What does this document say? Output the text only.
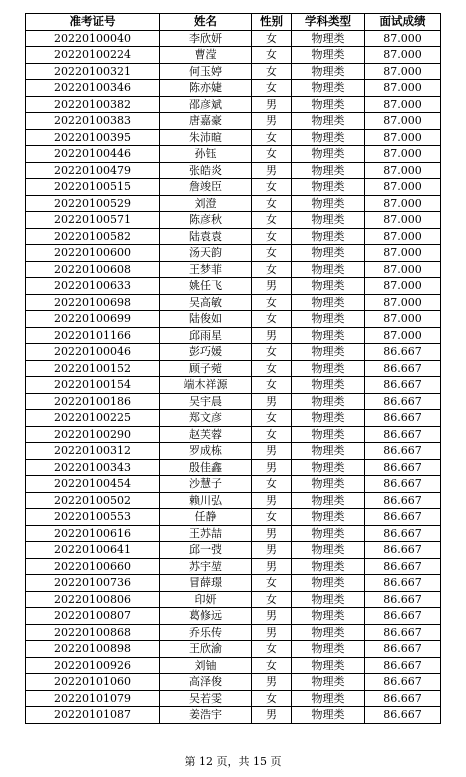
准考证号	姓名	性别	学科类型	面试成绩
20220100040	李欣妍	女	物理类	87.000
20220100224	曹滢	女	物理类	87.000
20220100321	何玉婷	女	物理类	87.000
20220100346	陈亦婕	女	物理类	87.000
20220100382	邵彦斌	男	物理类	87.000
20220100383	唐嘉豪	男	物理类	87.000
20220100395	朱沛暄	女	物理类	87.000
20220100446	孙钰	女	物理类	87.000
20220100479	张皓炎	男	物理类	87.000
20220100515	詹竣臣	女	物理类	87.000
20220100529	刘澄	女	物理类	87.000
20220100571	陈彦秋	女	物理类	87.000
20220100582	陆袁袁	女	物理类	87.000
20220100600	汤天韵	女	物理类	87.000
20220100608	王梦菲	女	物理类	87.000
20220100633	姚任飞	男	物理类	87.000
20220100698	吴高敏	女	物理类	87.000
20220100699	陆俊如	女	物理类	87.000
20220101166	邱雨星	男	物理类	87.000
20220100046	彭巧媛	女	物理类	86.667
20220100152	顾子菀	女	物理类	86.667
20220100154	端木祥源	女	物理类	86.667
20220100186	吴宇晨	男	物理类	86.667
20220100225	郑文彦	女	物理类	86.667
20220100290	赵芙蓉	女	物理类	86.667
20220100312	罗成栋	男	物理类	86.667
20220100343	殷佳鑫	男	物理类	86.667
20220100454	沙慧子	女	物理类	86.667
20220100502	赖川弘	男	物理类	86.667
20220100553	任静	女	物理类	86.667
20220100616	王苏喆	男	物理类	86.667
20220100641	邱一弢	男	物理类	86.667
20220100660	苏宇堃	男	物理类	86.667
20220100736	冒薛璟	女	物理类	86.667
20220100806	印妍	女	物理类	86.667
20220100807	葛修远	男	物理类	86.667
20220100868	乔乐传	男	物理类	86.667
20220100898	王欣渝	女	物理类	86.667
20220100926	刘铀	女	物理类	86.667
20220101060	高泽俊	男	物理类	86.667
20220101079	吴若雯	女	物理类	86.667
20220101087	姜浩宇	男	物理类	86.667
第 12 页，共 15 页
